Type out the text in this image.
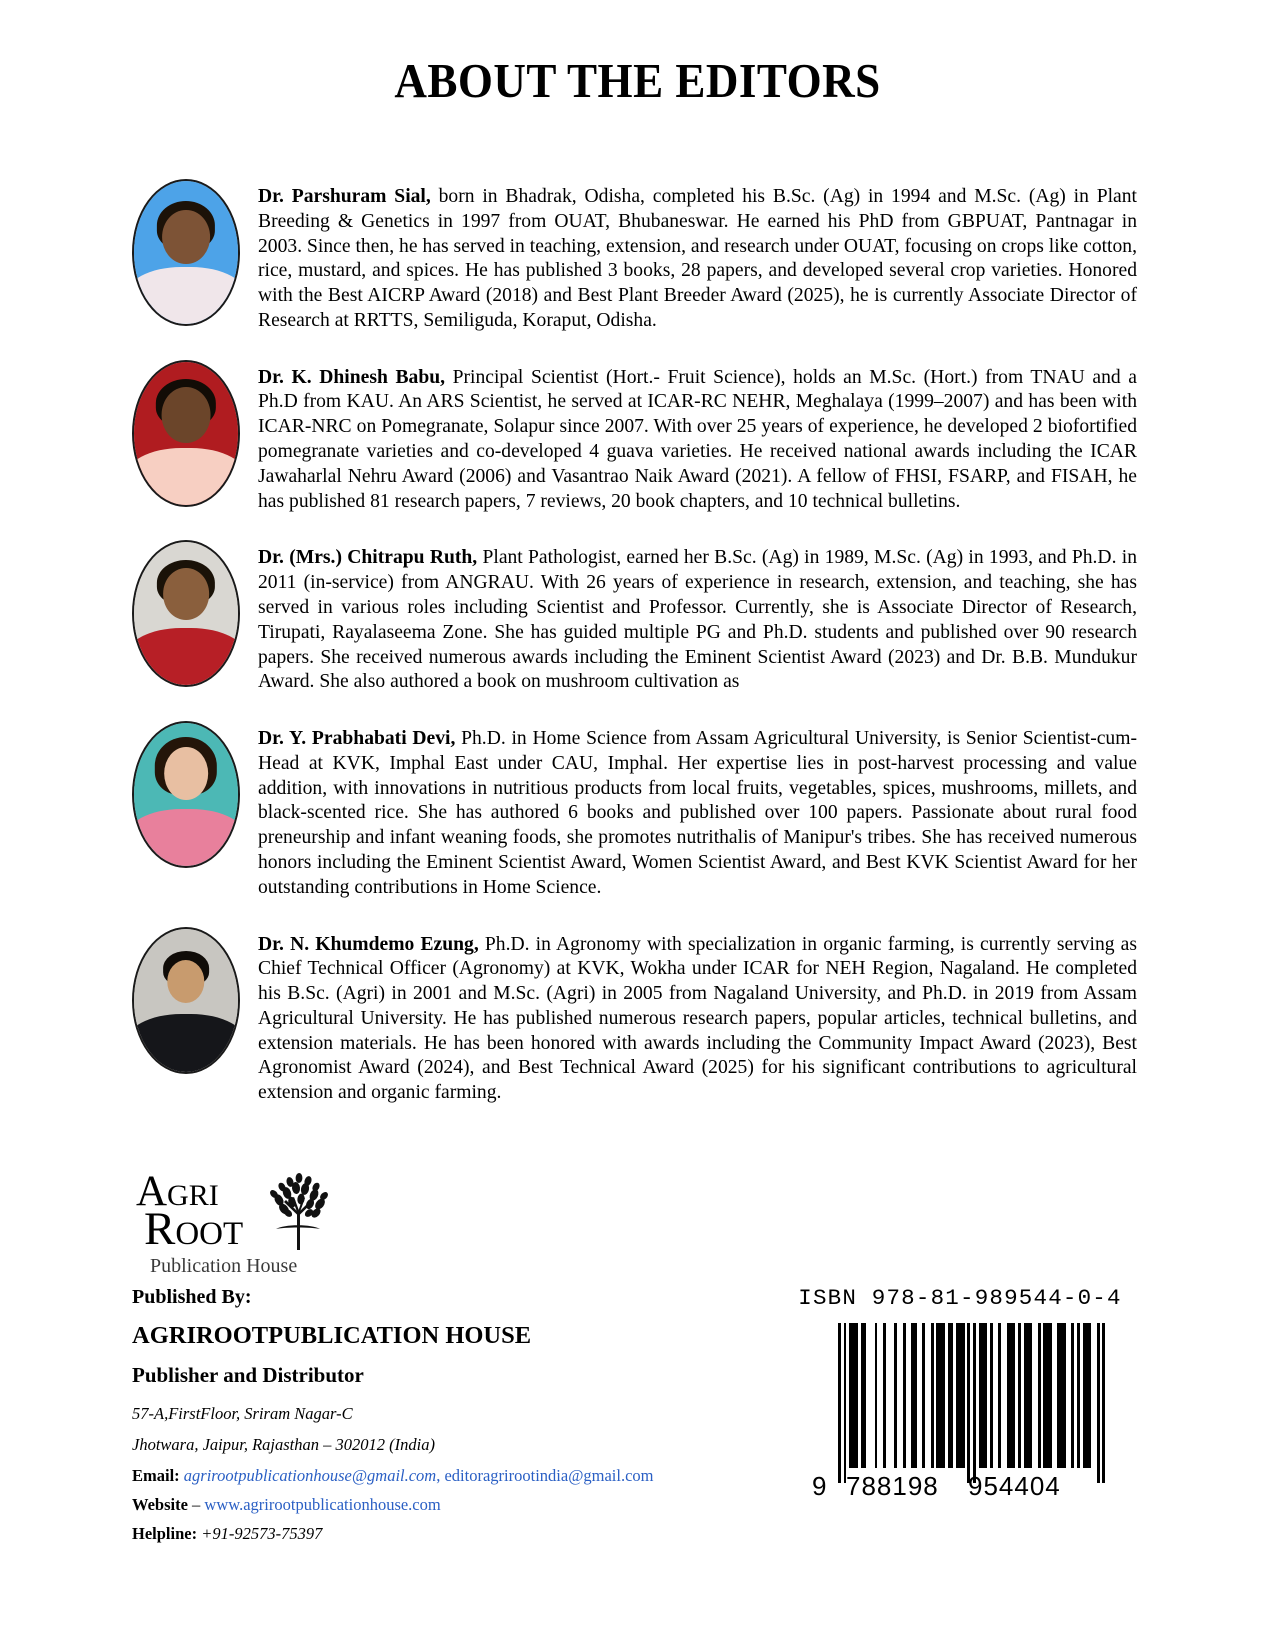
ABOUT THE EDITORS
Dr. Parshuram Sial, born in Bhadrak, Odisha, completed his B.Sc. (Ag) in 1994 and M.Sc. (Ag) in Plant Breeding & Genetics in 1997 from OUAT, Bhubaneswar. He earned his PhD from GBPUAT, Pantnagar in 2003. Since then, he has served in teaching, extension, and research under OUAT, focusing on crops like cotton, rice, mustard, and spices. He has published 3 books, 28 papers, and developed several crop varieties. Honored with the Best AICRP Award (2018) and Best Plant Breeder Award (2025), he is currently Associate Director of Research at RRTTS, Semiliguda, Koraput, Odisha.
Dr. K. Dhinesh Babu, Principal Scientist (Hort.- Fruit Science), holds an M.Sc. (Hort.) from TNAU and a Ph.D from KAU. An ARS Scientist, he served at ICAR-RC NEHR, Meghalaya (1999–2007) and has been with ICAR-NRC on Pomegranate, Solapur since 2007. With over 25 years of experience, he developed 2 biofortified pomegranate varieties and co-developed 4 guava varieties. He received national awards including the ICAR Jawaharlal Nehru Award (2006) and Vasantrao Naik Award (2021). A fellow of FHSI, FSARP, and FISAH, he has published 81 research papers, 7 reviews, 20 book chapters, and 10 technical bulletins.
Dr. (Mrs.) Chitrapu Ruth, Plant Pathologist, earned her B.Sc. (Ag) in 1989, M.Sc. (Ag) in 1993, and Ph.D. in 2011 (in-service) from ANGRAU. With 26 years of experience in research, extension, and teaching, she has served in various roles including Scientist and Professor. Currently, she is Associate Director of Research, Tirupati, Rayalaseema Zone. She has guided multiple PG and Ph.D. students and published over 90 research papers. She received numerous awards including the Eminent Scientist Award (2023) and Dr. B.B. Mundukur Award. She also authored a book on mushroom cultivation as
Dr. Y. Prabhabati Devi, Ph.D. in Home Science from Assam Agricultural University, is Senior Scientist-cum-Head at KVK, Imphal East under CAU, Imphal. Her expertise lies in post-harvest processing and value addition, with innovations in nutritious products from local fruits, vegetables, spices, mushrooms, millets, and black-scented rice. She has authored 6 books and published over 100 papers. Passionate about rural food preneurship and infant weaning foods, she promotes nutrithalis of Manipur's tribes. She has received numerous honors including the Eminent Scientist Award, Women Scientist Award, and Best KVK Scientist Award for her outstanding contributions in Home Science.
Dr. N. Khumdemo Ezung, Ph.D. in Agronomy with specialization in organic farming, is currently serving as Chief Technical Officer (Agronomy) at KVK, Wokha under ICAR for NEH Region, Nagaland. He completed his B.Sc. (Agri) in 2001 and M.Sc. (Agri) in 2005 from Nagaland University, and Ph.D. in 2019 from Assam Agricultural University. He has published numerous research papers, popular articles, technical bulletins, and extension materials. He has been honored with awards including the Community Impact Award (2023), Best Agronomist Award (2024), and Best Technical Award (2025) for his significant contributions to agricultural extension and organic farming.
Agri
Root
Publication House
Published By:
AGRIROOTPUBLICATION HOUSE
Publisher and Distributor
57-A,FirstFloor, Sriram Nagar-C
Jhotwara, Jaipur, Rajasthan – 302012 (India)
Email: agrirootpublicationhouse@gmail.com, editoragrirootindia@gmail.com
Website – www.agrirootpublicationhouse.com
Helpline: +91-92573-75397
ISBN 978-81-989544-0-4
9 788198 954404
